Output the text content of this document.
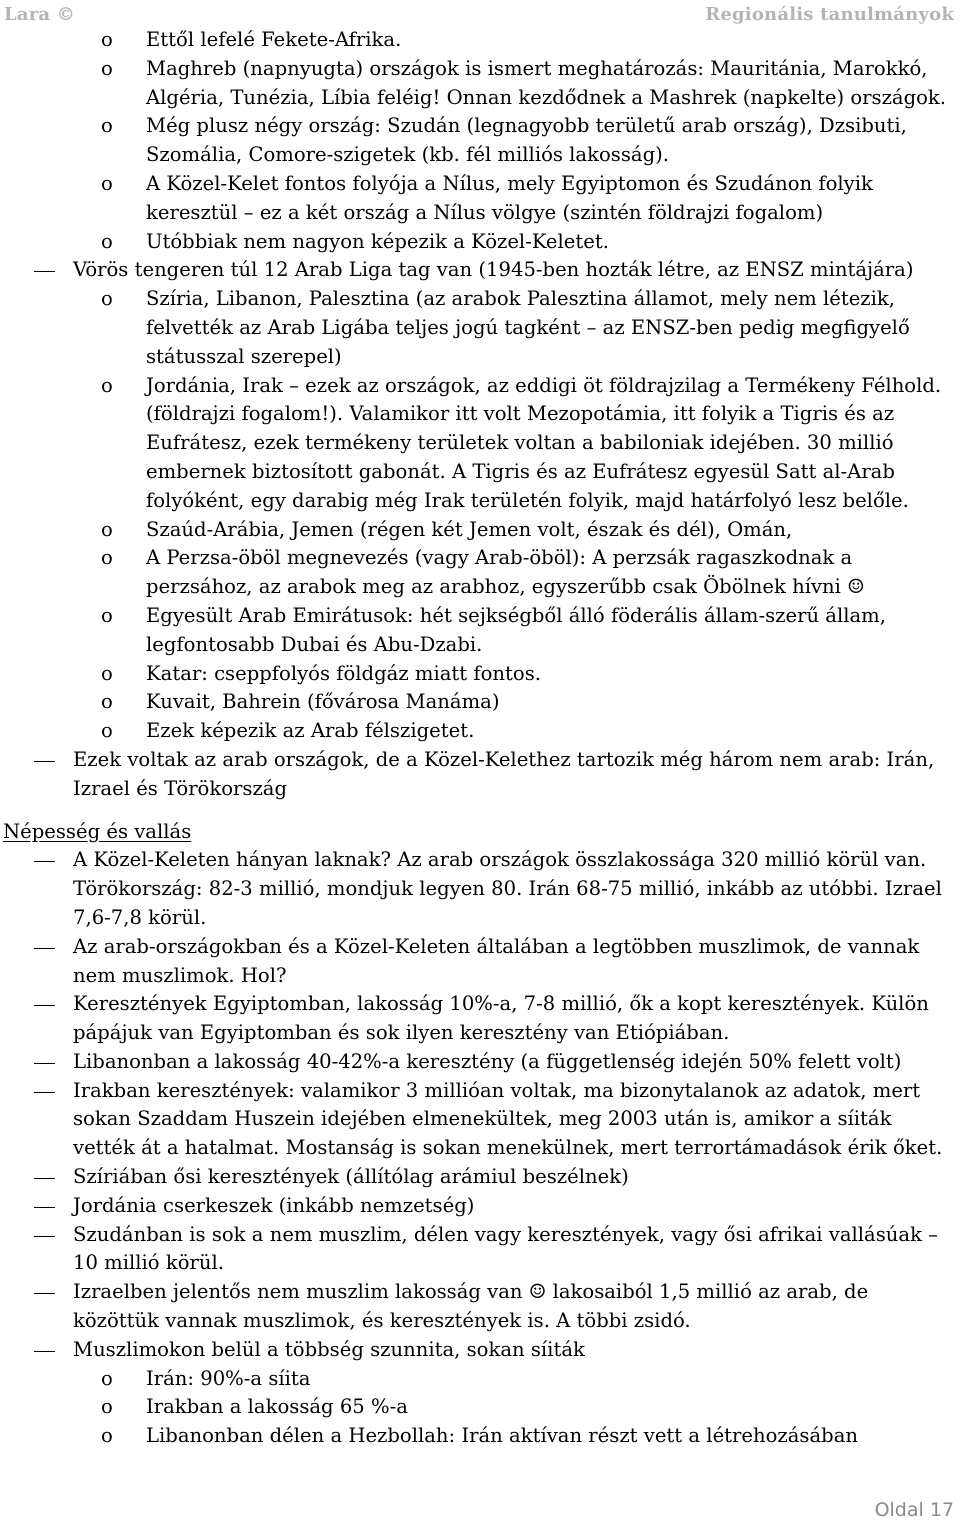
Lara ©	Regionális tanulmányok
o	Ettől lefelé Fekete-Afrika.
o	Maghreb (napnyugta) országok is ismert meghatározás: Mauritánia, Marokkó, Algéria, Tunézia, Líbia feléig! Onnan kezdődnek a Mashrek (napkelte) országok.
o	Még plusz négy ország: Szudán (legnagyobb területű arab ország), Dzsibuti, Szomália, Comore-szigetek (kb. fél milliós lakosság).
o	A Közel-Kelet fontos folyója a Nílus, mely Egyiptomon és Szudánon folyik keresztül – ez a két ország a Nílus völgye (szintén földrajzi fogalom)
o	Utóbbiak nem nagyon képezik a Közel-Keletet.
Vörös tengeren túl 12 Arab Liga tag van (1945-ben hozták létre, az ENSZ mintájára)
o	Szíria, Libanon, Palesztina (az arabok Palesztina államot, mely nem létezik, felvették az Arab Ligába teljes jogú tagként – az ENSZ-ben pedig megfigyelő státusszal szerepel)
o	Jordánia, Irak – ezek az országok, az eddigi öt földrajzilag a Termékeny Félhold. (földrajzi fogalom!). Valamikor itt volt Mezopotámia, itt folyik a Tigris és az Eufrátesz, ezek termékeny területek voltan a babiloniak idejében. 30 millió embernek biztosított gabonát. A Tigris és az Eufrátesz egyesül Satt al-Arab folyóként, egy darabig még Irak területén folyik, majd határfolyó lesz belőle.
o	Szaúd-Arábia, Jemen (régen két Jemen volt, észak és dél), Omán,
o	A Perzsa-öböl megnevezés (vagy Arab-öböl): A perzsák ragaszkodnak a perzsához, az arabok meg az arabhoz, egyszerűbb csak Öbölnek hívni ☺
o	Egyesült Arab Emirátusok: hét sejkségből álló föderális állam-szerű állam, legfontosabb Dubai és Abu-Dzabi.
o	Katar: cseppfolyós földgáz miatt fontos.
o	Kuvait, Bahrein (fővárosa Manáma)
o	Ezek képezik az Arab félszigetet.
Ezek voltak az arab országok, de a Közel-Kelethez tartozik még három nem arab: Irán, Izrael és Törökország
Népesség és vallás
A Közel-Keleten hányan laknak? Az arab országok összlakossága 320 millió körül van. Törökország: 82-3 millió, mondjuk legyen 80. Irán 68-75 millió, inkább az utóbbi. Izrael 7,6-7,8 körül.
Az arab-országokban és a Közel-Keleten általában a legtöbben muszlimok, de vannak nem muszlimok. Hol?
Keresztények Egyiptomban, lakosság 10%-a, 7-8 millió, ők a kopt keresztények. Külön pápájuk van Egyiptomban és sok ilyen keresztény van Etiópiában.
Libanonban a lakosság 40-42%-a keresztény (a függetlenség idején 50% felett volt)
Irakban keresztények: valamikor 3 millióan voltak, ma bizonytalanok az adatok, mert sokan Szaddam Huszein idejében elmenekültek, meg 2003 után is, amikor a síiták vették át a hatalmat. Mostanság is sokan menekülnek, mert terrortámadások érik őket.
Szíriában ősi keresztények (állítólag arámiul beszélnek)
Jordánia cserkeszek (inkább nemzetség)
Szudánban is sok a nem muszlim, délen vagy keresztények, vagy ősi afrikai vallásúak – 10 millió körül.
Izraelben jelentős nem muszlim lakosság van ☺ lakosaiból 1,5 millió az arab, de közöttük vannak muszlimok, és keresztények is. A többi zsidó.
Muszlimokon belül a többség szunnita, sokan síiták
o	Irán: 90%-a síita
o	Irakban a lakosság 65 %-a
o	Libanonban délen a Hezbollah: Irán aktívan részt vett a létrehozásában
Oldal 17
